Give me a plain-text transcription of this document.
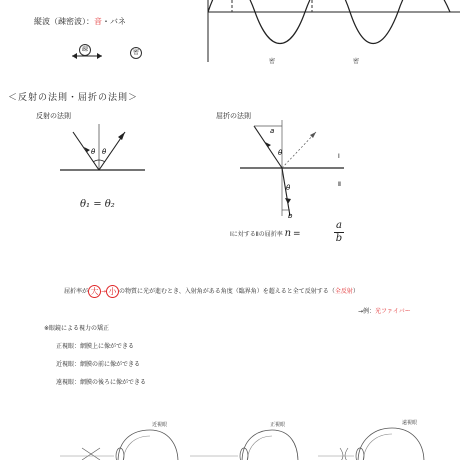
縦波（疎密波）：音・バネ
疎	密
密	密
＜反射の法則・屈折の法則＞
反射の法則
θ θ
θ₁ = θ₂
屈折の法則
a
θ
θ
b
Ⅰ
Ⅱ
Ⅰに対するⅡの屈折率 n =
a
b
屈折率が 大 → 小 の物質に光が進むとき、入射角がある角度（臨界角）を超えると全て反射する（全反射）
→例：光ファイバー
※眼鏡による視力の矯正
正視眼：網膜上に像ができる
近視眼：網膜の前に像ができる
遠視眼：網膜の後ろに像ができる
近視眼	正視眼	遠視眼
